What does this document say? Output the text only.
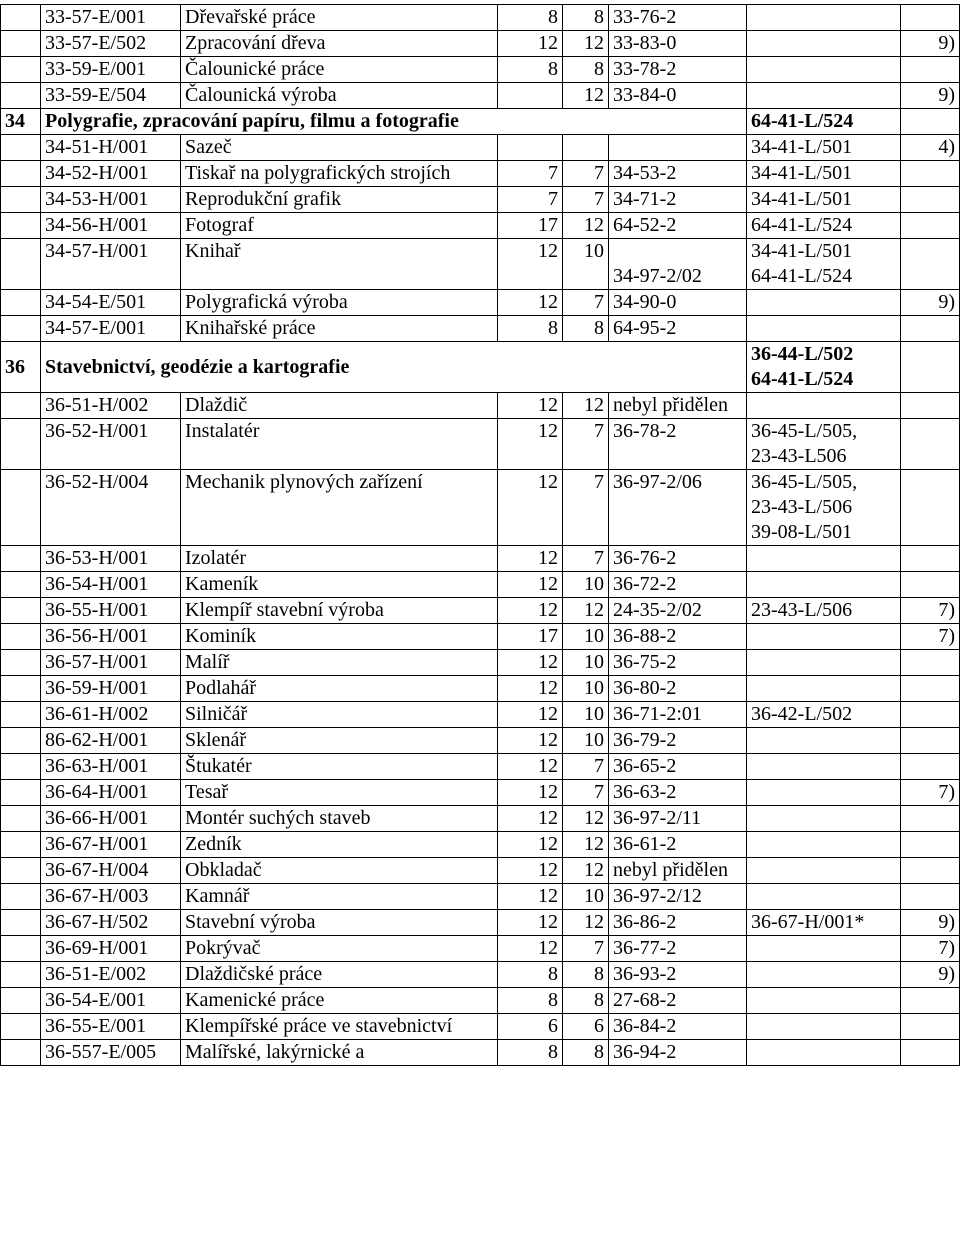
	33-57-E/001	Dřevařské práce	8	8	33-76-2	

	33-57-E/502	Zpracování dřeva	12	12	33-83-0		9)
	33-59-E/001	Čalounické práce	8	8	33-78-2	

	33-59-E/504	Čalounická výroba		12	33-84-0		9)
34	Polygrafie, zpracování papíru, filmu a fotografie					64-41-L/524	

	34-51-H/001	Sazeč				34-41-L/501	4)
	34-52-H/001	Tiskař na polygrafických strojích	7	7	34-53-2	34-41-L/501	

	34-53-H/001	Reprodukční grafik	7	7	34-71-2	34-41-L/501	

	34-56-H/001	Fotograf	17	12	64-52-2	64-41-L/524	

	34-57-H/001	Knihař	12	10	34-97-2/02	34-41-L/501
64-41-L/524	

	34-54-E/501	Polygrafická výroba	12	7	34-90-0		9)
	34-57-E/001	Knihařské práce	8	8	64-95-2	

36	Stavebnictví, geodézie a kartografie					36-44-L/502
64-41-L/524	

	36-51-H/002	Dlaždič	12	12	nebyl přidělen	

	36-52-H/001	Instalatér	12	7	36-78-2	36-45-L/505,
23-43-L506	

	36-52-H/004	Mechanik plynových zařízení	12	7	36-97-2/06	36-45-L/505,
23-43-L/506
39-08-L/501	

	36-53-H/001	Izolatér	12	7	36-76-2	

	36-54-H/001	Kameník	12	10	36-72-2	

	36-55-H/001	Klempíř stavební výroba	12	12	24-35-2/02	23-43-L/506	7)
	36-56-H/001	Kominík	17	10	36-88-2		7)
	36-57-H/001	Malíř	12	10	36-75-2	

	36-59-H/001	Podlahář	12	10	36-80-2	

	36-61-H/002	Silničář	12	10	36-71-2:01	36-42-L/502	

	86-62-H/001	Sklenář	12	10	36-79-2	

	36-63-H/001	Štukatér	12	7	36-65-2	

	36-64-H/001	Tesař	12	7	36-63-2		7)
	36-66-H/001	Montér suchých staveb	12	12	36-97-2/11	

	36-67-H/001	Zedník	12	12	36-61-2	

	36-67-H/004	Obkladač	12	12	nebyl přidělen	

	36-67-H/003	Kamnář	12	10	36-97-2/12	

	36-67-H/502	Stavební výroba	12	12	36-86-2	36-67-H/001*	9)
	36-69-H/001	Pokrývač	12	7	36-77-2		7)
	36-51-E/002	Dlaždičské práce	8	8	36-93-2		9)
	36-54-E/001	Kamenické práce	8	8	27-68-2	

	36-55-E/001	Klempířské práce ve stavebnictví	6	6	36-84-2	

	36-557-E/005	Malířské, lakýrnické a	8	8	36-94-2	
